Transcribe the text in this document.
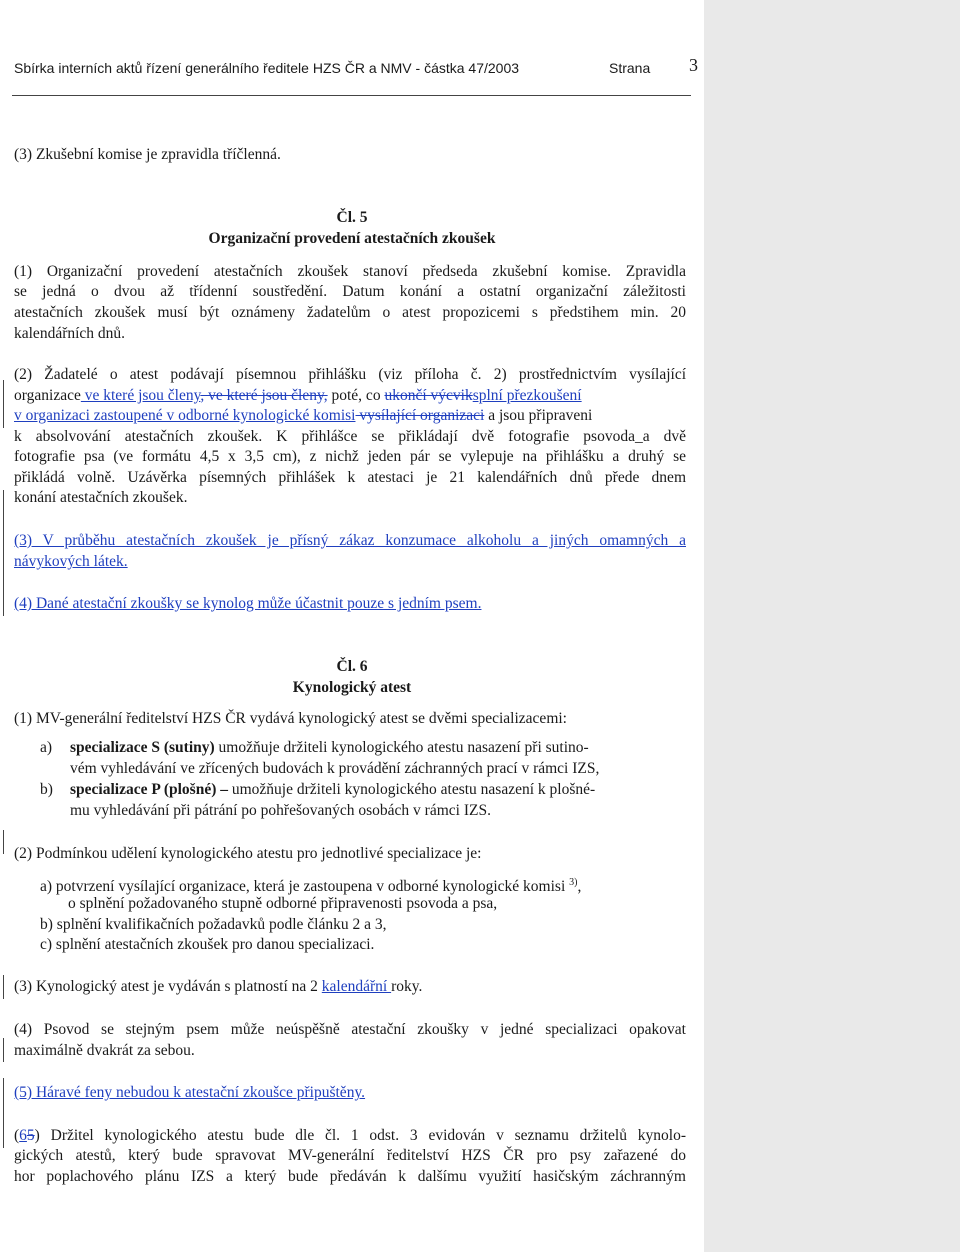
Sbírka interních aktů řízení generálního ředitele HZS ČR a NMV - částka 47/2003	Strana 3
(3) Zkušební komise je zpravidla tříčlenná.
Čl. 5
Organizační provedení atestačních zkoušek
(1) Organizační provedení atestačních zkoušek stanoví předseda zkušební komise. Zpravidla
se jedná o dvou až třídenní soustředění. Datum konání a ostatní organizační záležitosti
atestačních zkoušek musí být oznámeny žadatelům o atest propozicemi s předstihem min. 20
kalendářních dnů.
(2) Žadatelé o atest podávají písemnou přihlášku (viz příloha č. 2) prostřednictvím vysílající
organizace ve které jsou členy, ve které jsou členy, poté, co ukončí výcviksplní přezkoušení
v organizaci zastoupené v odborné kynologické komisi vysílající organizaci a jsou připraveni
k absolvování atestačních zkoušek. K přihlášce se přikládají dvě fotografie psovoda_a dvě
fotografie psa (ve formátu 4,5 x 3,5 cm), z nichž jeden pár se vylepuje na přihlášku a druhý se
přikládá volně. Uzávěrka písemných přihlášek k atestaci je 21 kalendářních dnů přede dnem
konání atestačních zkoušek.
(3) V průběhu atestačních zkoušek je přísný zákaz konzumace alkoholu a jiných omamných a
návykových látek.
(4) Dané atestační zkoušky se kynolog může účastnit pouze s jedním psem.
Čl. 6
Kynologický atest
(1) MV-generální ředitelství HZS ČR vydává kynologický atest se dvěmi specializacemi:
a) specializace S (sutiny) umožňuje držiteli kynologického atestu nasazení při sutino-
vém vyhledávání ve zřícených budovách k provádění záchranných prací v rámci IZS,
b) specializace P (plošné) – umožňuje držiteli kynologického atestu nasazení k plošné-
mu vyhledávání při pátrání po pohřešovaných osobách v rámci IZS.
(2) Podmínkou udělení kynologického atestu pro jednotlivé specializace je:
a) potvrzení vysílající organizace, která je zastoupena v odborné kynologické komisi $^{3)}$,
o splnění požadovaného stupně odborné připravenosti psovoda a psa,
b) splnění kvalifikačních požadavků podle článku 2 a 3,
c) splnění atestačních zkoušek pro danou specializaci.
(3) Kynologický atest je vydáván s platností na 2 kalendářní roky.
(4) Psovod se stejným psem může neúspěšně atestační zkoušky v jedné specializaci opakovat
maximálně dvakrát za sebou.
(5) Háravé feny nebudou k atestační zkoušce připuštěny.
(65) Držitel kynologického atestu bude dle čl. 1 odst. 3 evidován v seznamu držitelů kynolo-
gických atestů, který bude spravovat MV-generální ředitelství HZS ČR pro psy zařazené do
hor poplachového plánu IZS a který bude předáván k dalšímu využití hasičským záchranným
